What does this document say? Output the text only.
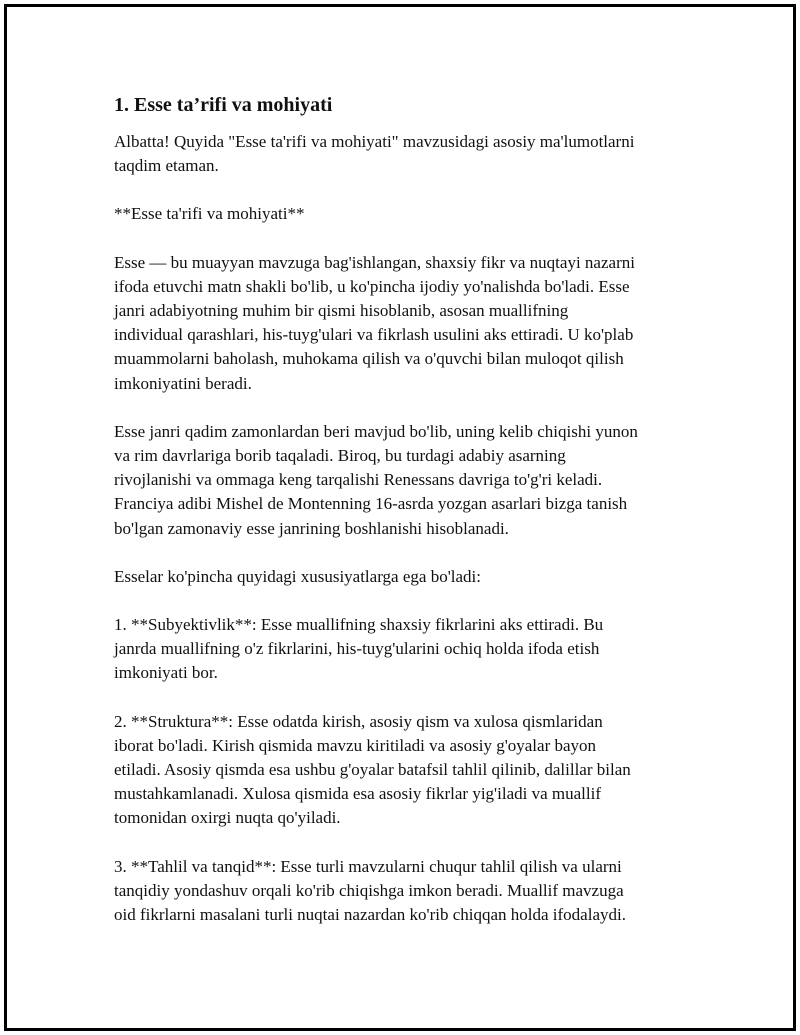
1. Esse ta’rifi va mohiyati
Albatta! Quyida "Esse ta'rifi va mohiyati" mavzusidagi asosiy ma'lumotlarni
taqdim etaman.
**Esse ta'rifi va mohiyati**
Esse — bu muayyan mavzuga bag'ishlangan, shaxsiy fikr va nuqtayi nazarni
ifoda etuvchi matn shakli bo'lib, u ko'pincha ijodiy yo'nalishda bo'ladi. Esse
janri adabiyotning muhim bir qismi hisoblanib, asosan muallifning
individual qarashlari, his-tuyg'ulari va fikrlash usulini aks ettiradi. U ko'plab
muammolarni baholash, muhokama qilish va o'quvchi bilan muloqot qilish
imkoniyatini beradi.
Esse janri qadim zamonlardan beri mavjud bo'lib, uning kelib chiqishi yunon
va rim davrlariga borib taqaladi. Biroq, bu turdagi adabiy asarning
rivojlanishi va ommaga keng tarqalishi Renessans davriga to'g'ri keladi.
Franciya adibi Mishel de Montenning 16-asrda yozgan asarlari bizga tanish
bo'lgan zamonaviy esse janrining boshlanishi hisoblanadi.
Esselar ko'pincha quyidagi xususiyatlarga ega bo'ladi:
1. **Subyektivlik**: Esse muallifning shaxsiy fikrlarini aks ettiradi. Bu
janrda muallifning o'z fikrlarini, his-tuyg'ularini ochiq holda ifoda etish
imkoniyati bor.
2. **Struktura**: Esse odatda kirish, asosiy qism va xulosa qismlaridan
iborat bo'ladi. Kirish qismida mavzu kiritiladi va asosiy g'oyalar bayon
etiladi. Asosiy qismda esa ushbu g'oyalar batafsil tahlil qilinib, dalillar bilan
mustahkamlanadi. Xulosa qismida esa asosiy fikrlar yig'iladi va muallif
tomonidan oxirgi nuqta qo'yiladi.
3. **Tahlil va tanqid**: Esse turli mavzularni chuqur tahlil qilish va ularni
tanqidiy yondashuv orqali ko'rib chiqishga imkon beradi. Muallif mavzuga
oid fikrlarni masalani turli nuqtai nazardan ko'rib chiqqan holda ifodalaydi.
